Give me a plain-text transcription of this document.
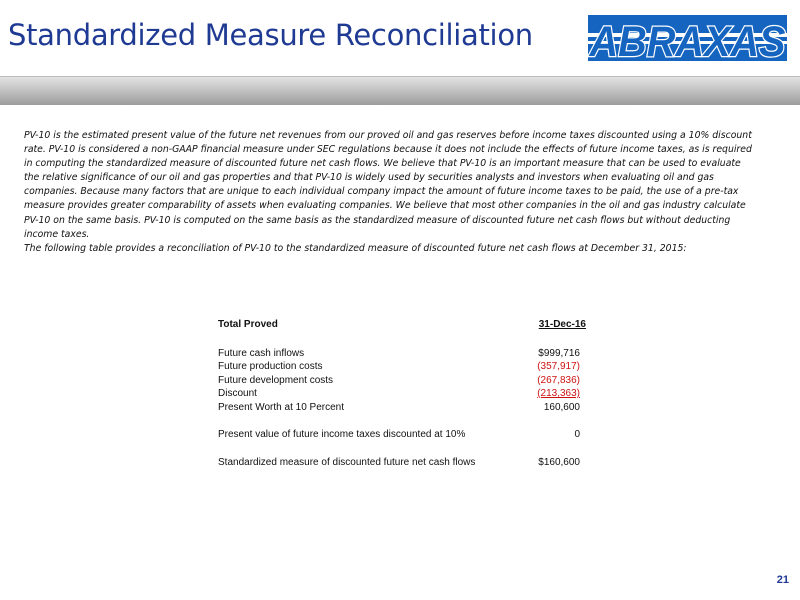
Standardized Measure Reconciliation ABRAXAS

PV-10 is the estimated present value of the future net revenues from our proved oil and gas reserves before income taxes discounted using a 10% discount rate. PV-10 is considered a non-GAAP financial measure under SEC regulations because it does not include the effects of future income taxes, as is required in computing the standardized measure of discounted future net cash flows. We believe that PV-10 is an important measure that can be used to evaluate the relative significance of our oil and gas properties and that PV-10 is widely used by securities analysts and investors when evaluating oil and gas companies. Because many factors that are unique to each individual company impact the amount of future income taxes to be paid, the use of a pre-tax measure provides greater comparability of assets when evaluating companies. We believe that most other companies in the oil and gas industry calculate PV-10 on the same basis. PV-10 is computed on the same basis as the standardized measure of discounted future net cash flows but without deducting income taxes.

The following table provides a reconciliation of PV-10 to the standardized measure of discounted future net cash flows at December 31, 2015:

Total Proved	31-Dec-16
Future cash inflows	$999,716
Future production costs	(357,917)
Future development costs	(267,836)
Discount	(213,363)
Present Worth at 10 Percent	160,600
Present value of future income taxes discounted at 10%	0
Standardized measure of discounted future net cash flows	$160,600
21
